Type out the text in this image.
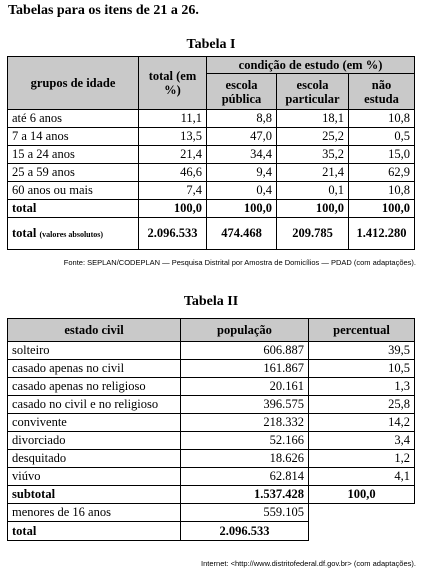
Tabelas para os itens de 21 a 26.
Tabela I
grupos de idade	total (em %)	condição de estudo (em %)		
		escola pública	escola particular	não estuda
até 6 anos	11,1	8,8	18,1	10,8
7 a 14 anos	13,5	47,0	25,2	0,5
15 a 24 anos	21,4	34,4	35,2	15,0
25 a 59 anos	46,6	9,4	21,4	62,9
60 anos ou mais	7,4	0,4	0,1	10,8
total	100,0	100,0	100,0	100,0
total (valores absolutos)	2.096.533	474.468	209.785	1.412.280
Fonte: SEPLAN/CODEPLAN — Pesquisa Distrital por Amostra de Domicílios — PDAD (com adaptações).
Tabela II
estado civil	população	percentual
solteiro	606.887	39,5
casado apenas no civil	161.867	10,5
casado apenas no religioso	20.161	1,3
casado no civil e no religioso	396.575	25,8
convivente	218.332	14,2
divorciado	52.166	3,4
desquitado	18.626	1,2
viúvo	62.814	4,1
subtotal	1.537.428	100,0
menores de 16 anos	559.105	
total	2.096.533	
Internet: <http://www.distritofederal.df.gov.br> (com adaptações).
